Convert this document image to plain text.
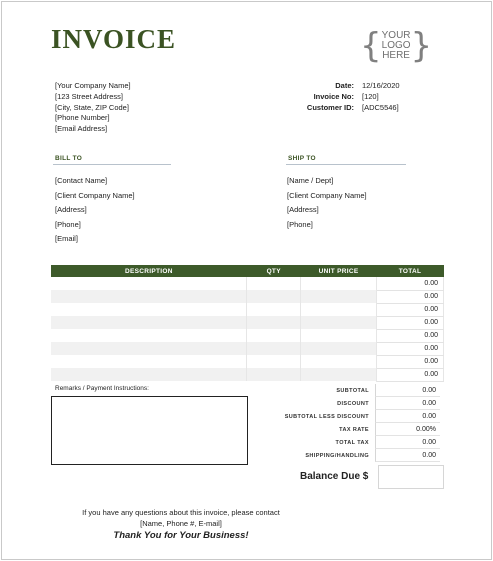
INVOICE	{ YOUR
LOGO
HERE }
[Your Company Name]
[123 Street Address]
[City, State, ZIP Code]
[Phone Number]
[Email Address]
Date:	12/16/2020
Invoice No:	[120]
Customer ID:	[ADC5546]
BILL TO
[Contact Name]
[Client Company Name]
[Address]
[Phone]
[Email]
SHIP TO
[Name / Dept]
[Client Company Name]
[Address]
[Phone]
DESCRIPTION	QTY	UNIT PRICE	TOTAL
			0.00
			0.00
			0.00
			0.00
			0.00
			0.00
			0.00
			0.00
Remarks / Payment Instructions:	SUBTOTAL	0.00
DISCOUNT	0.00
SUBTOTAL LESS DISCOUNT	0.00
TAX RATE	0.00%
TOTAL TAX	0.00
SHIPPING/HANDLING	0.00
Balance Due $
If you have any questions about this invoice, please contact
[Name, Phone #, E-mail]
Thank You for Your Business!
